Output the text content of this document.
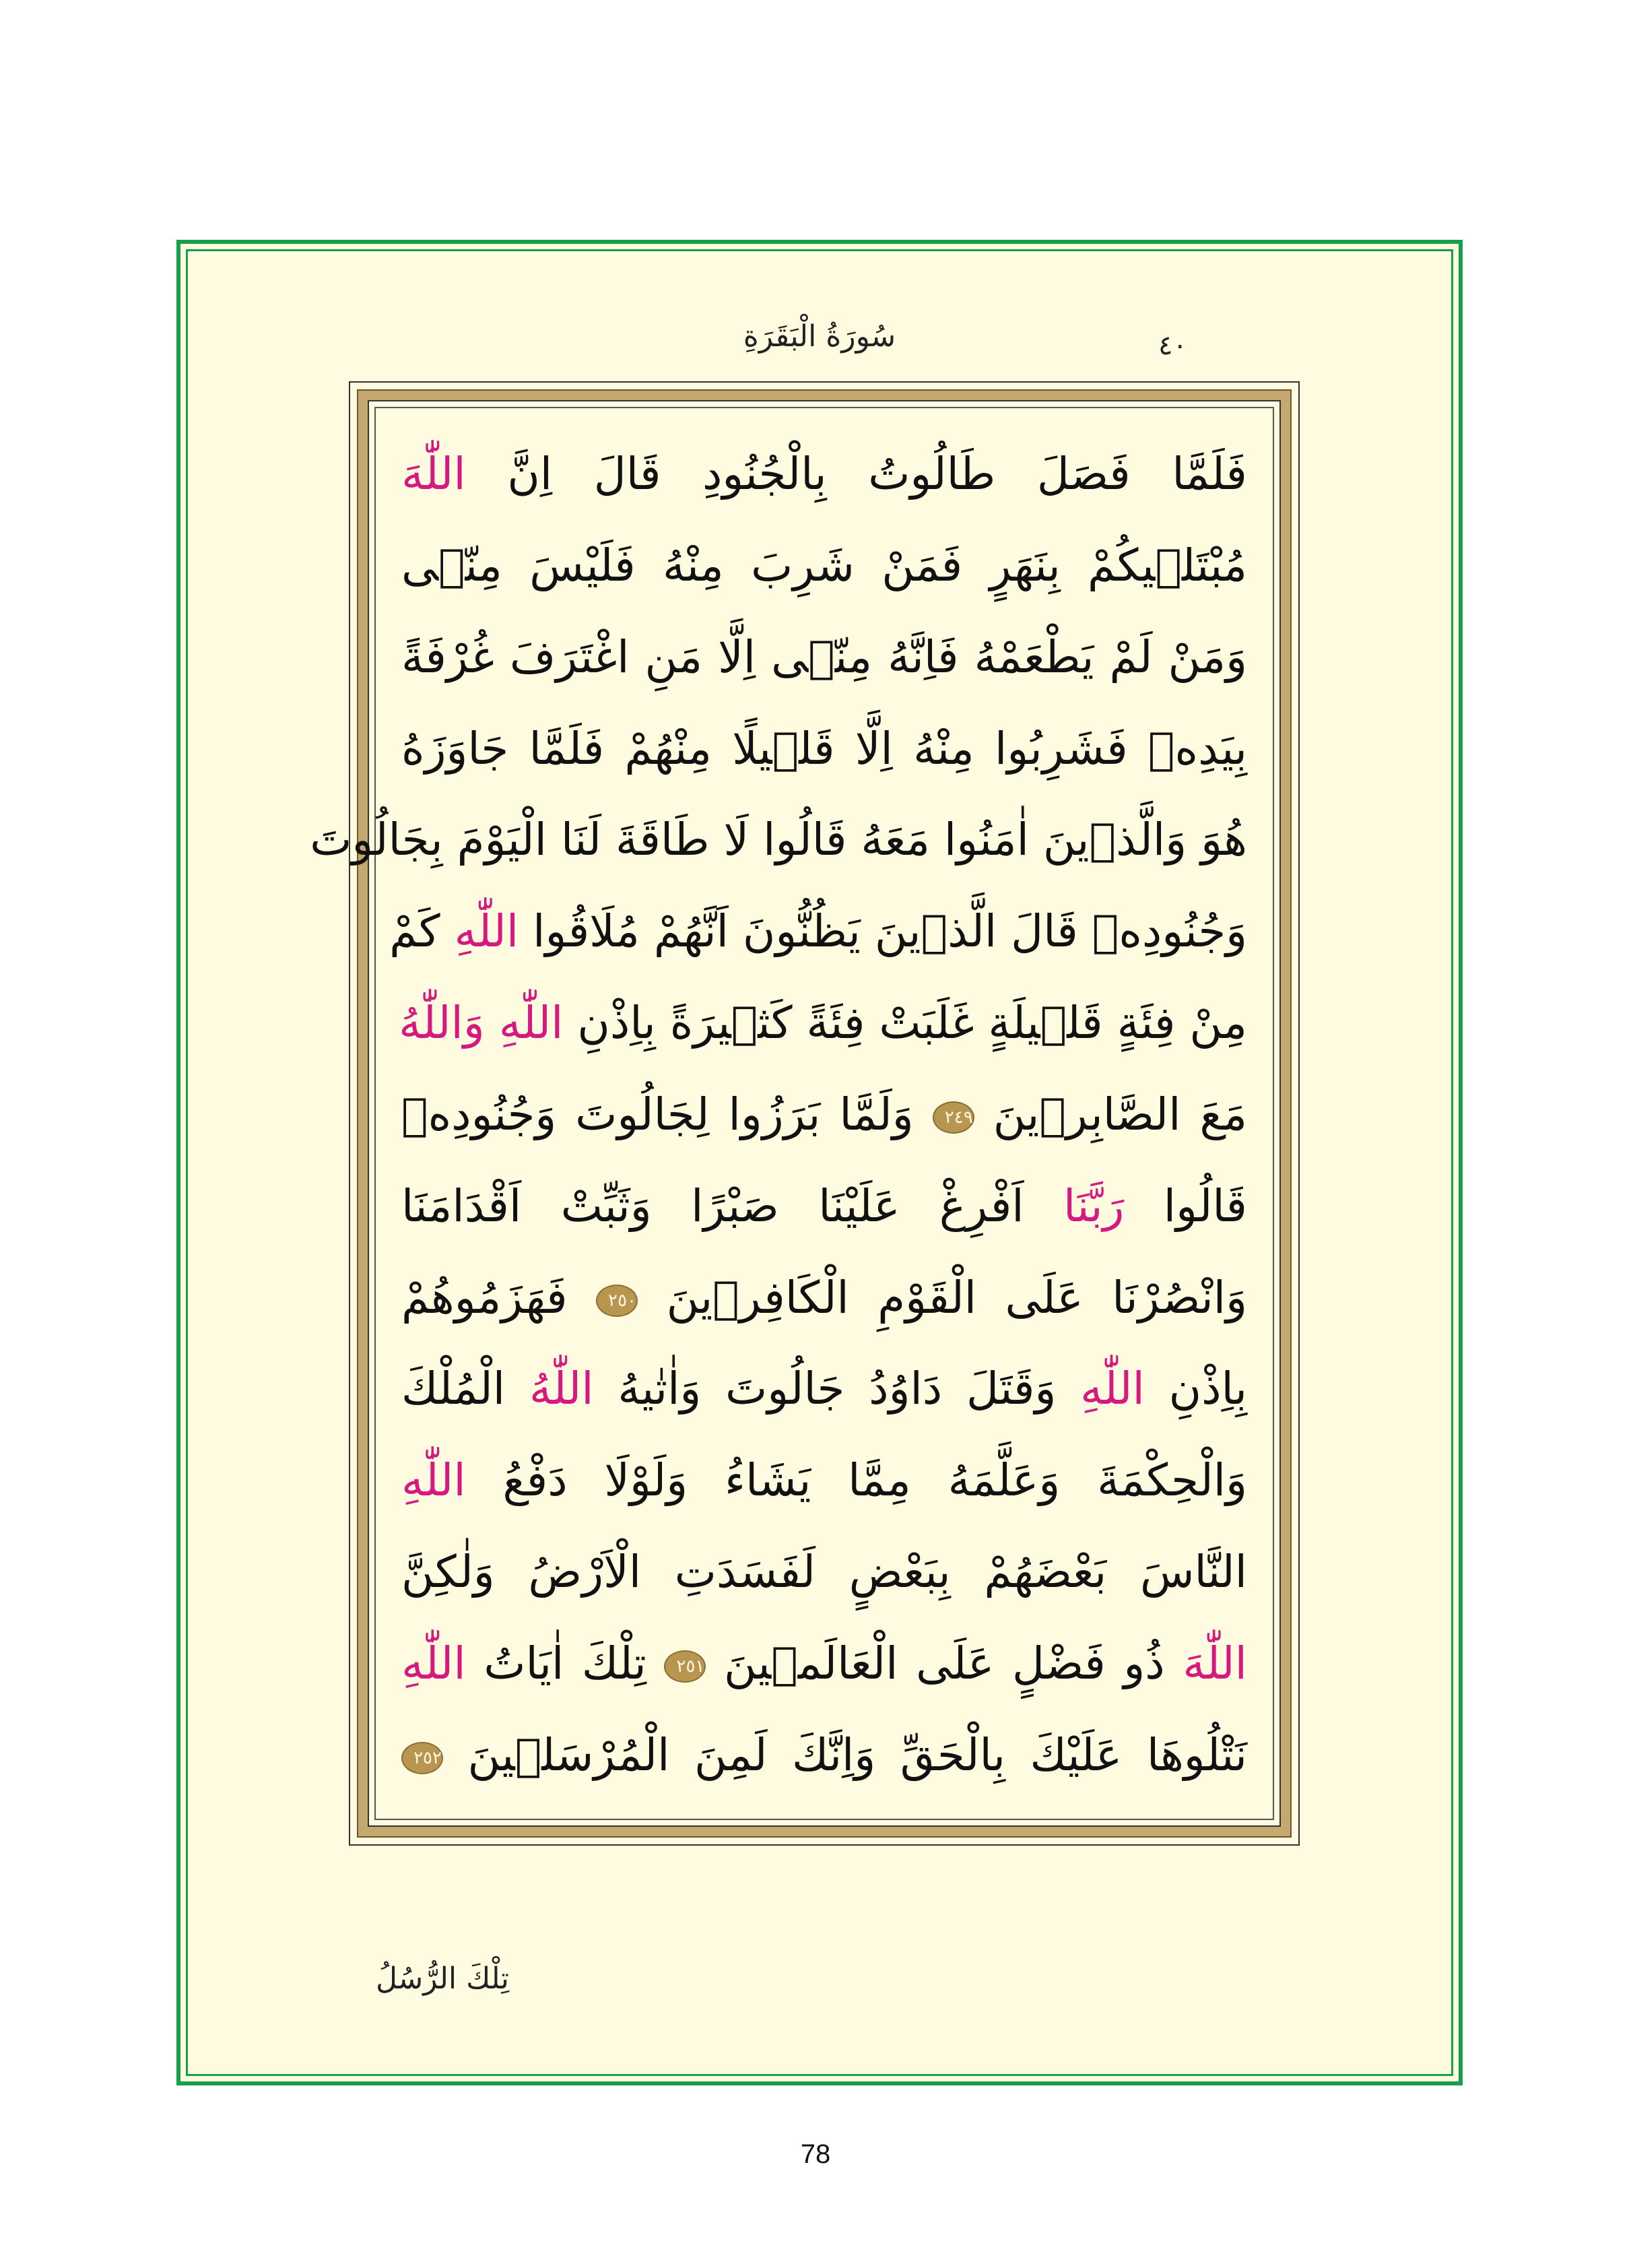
سُورَةُ الْبَقَرَةِ	٤٠
فَلَمَّا فَصَلَ طَالُوتُ بِالْجُنُودِ قَالَ اِنَّ اللّٰهَ
مُبْتَلٖيكُمْ بِنَهَرٍ فَمَنْ شَرِبَ مِنْهُ فَلَيْسَ مِنّٖى
وَمَنْ لَمْ يَطْعَمْهُ فَاِنَّهُ مِنّٖى اِلَّا مَنِ اغْتَرَفَ غُرْفَةً
بِيَدِهٖ فَشَرِبُوا مِنْهُ اِلَّا قَلٖيلًا مِنْهُمْ فَلَمَّا جَاوَزَهُ
هُوَ وَالَّذٖينَ اٰمَنُوا مَعَهُ قَالُوا لَا طَاقَةَ لَنَا الْيَوْمَ بِجَالُوتَ
وَجُنُودِهٖ قَالَ الَّذٖينَ يَظُنُّونَ اَنَّهُمْ مُلَاقُوا اللّٰهِ كَمْ
مِنْ فِئَةٍ قَلٖيلَةٍ غَلَبَتْ فِئَةً كَثٖيرَةً بِاِذْنِ اللّٰهِ وَاللّٰهُ
مَعَ الصَّابِرٖينَ ٢٤٩ وَلَمَّا بَرَزُوا لِجَالُوتَ وَجُنُودِهٖ
قَالُوا رَبَّنَا اَفْرِغْ عَلَيْنَا صَبْرًا وَثَبِّتْ اَقْدَامَنَا
وَانْصُرْنَا عَلَى الْقَوْمِ الْكَافِرٖينَ ٢٥٠ فَهَزَمُوهُمْ
بِاِذْنِ اللّٰهِ وَقَتَلَ دَاوُدُ جَالُوتَ وَاٰتٰيهُ اللّٰهُ الْمُلْكَ
وَالْحِكْمَةَ وَعَلَّمَهُ مِمَّا يَشَاءُ وَلَوْلَا دَفْعُ اللّٰهِ
النَّاسَ بَعْضَهُمْ بِبَعْضٍ لَفَسَدَتِ الْاَرْضُ وَلٰكِنَّ
اللّٰهَ ذُو فَضْلٍ عَلَى الْعَالَمٖينَ ٢٥١ تِلْكَ اٰيَاتُ اللّٰهِ
نَتْلُوهَا عَلَيْكَ بِالْحَقِّ وَاِنَّكَ لَمِنَ الْمُرْسَلٖينَ ٢٥٢
تِلْكَ الرُّسُلُ
78
